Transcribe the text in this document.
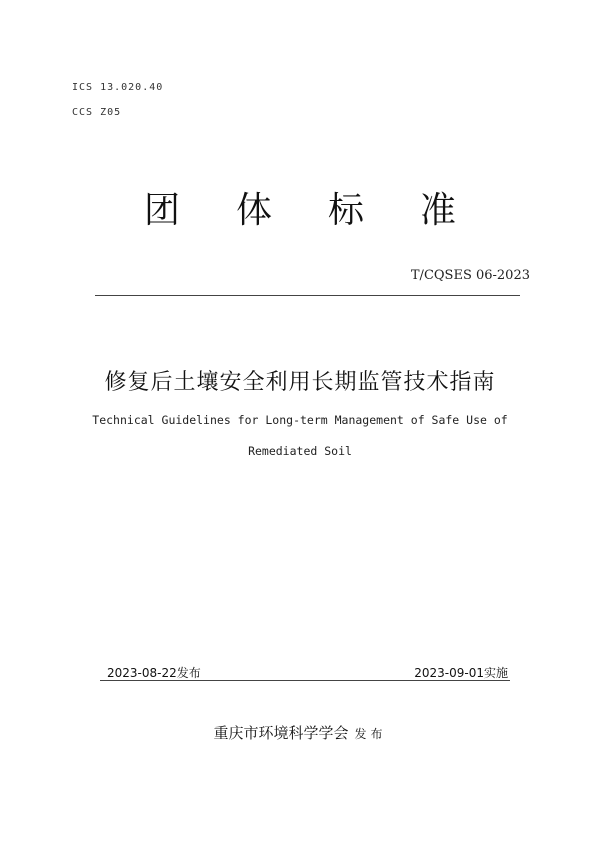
ICS 13.020.40
CCS Z05
团体标准
T/CQSES 06-2023
修复后土壤安全利用长期监管技术指南
Technical Guidelines for Long-term Management of Safe Use of
Remediated Soil
2023-08-22发布	2023-09-01实施
重庆市环境科学学会 发布
